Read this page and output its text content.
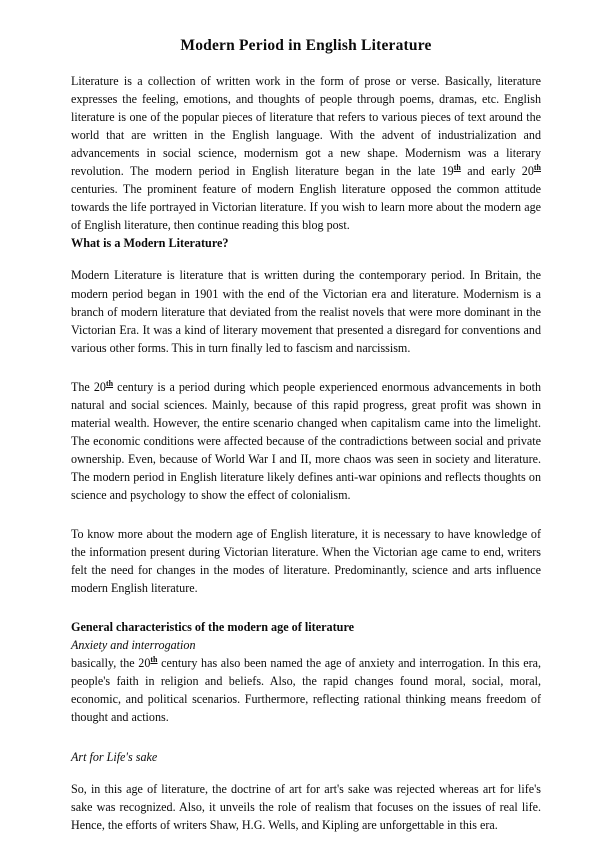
Modern Period in English Literature

Literature is a collection of written work in the form of prose or verse. Basically, literature expresses the feeling, emotions, and thoughts of people through poems, dramas, etc. English literature is one of the popular pieces of literature that refers to various pieces of text around the world that are written in the English language. With the advent of industrialization and advancements in social science, modernism got a new shape. Modernism was a literary revolution. The modern period in English literature began in the late 19th and early 20th centuries. The prominent feature of modern English literature opposed the common attitude towards the life portrayed in Victorian literature. If you wish to learn more about the modern age of English literature, then continue reading this blog post.

What is a Modern Literature?

Modern Literature is literature that is written during the contemporary period. In Britain, the modern period began in 1901 with the end of the Victorian era and literature. Modernism is a branch of modern literature that deviated from the realist novels that were more dominant in the Victorian Era. It was a kind of literary movement that presented a disregard for conventions and various other forms. This in turn finally led to fascism and narcissism.

The 20th century is a period during which people experienced enormous advancements in both natural and social sciences. Mainly, because of this rapid progress, great profit was shown in material wealth. However, the entire scenario changed when capitalism came into the limelight. The economic conditions were affected because of the contradictions between social and private ownership. Even, because of World War I and II, more chaos was seen in society and literature. The modern period in English literature likely defines anti-war opinions and reflects thoughts on science and psychology to show the effect of colonialism.

To know more about the modern age of English literature, it is necessary to have knowledge of the information present during Victorian literature. When the Victorian age came to end, writers felt the need for changes in the modes of literature. Predominantly, science and arts influence modern English literature.

General characteristics of the modern age of literature

Anxiety and interrogation

basically, the 20th century has also been named the age of anxiety and interrogation. In this era, people's faith in religion and beliefs. Also, the rapid changes found moral, social, moral, economic, and political scenarios. Furthermore, reflecting rational thinking means freedom of thought and actions.

Art for Life's sake

So, in this age of literature, the doctrine of art for art's sake was rejected whereas art for life's sake was recognized. Also, it unveils the role of realism that focuses on the issues of real life. Hence, the efforts of writers Shaw, H.G. Wells, and Kipling are unforgettable in this era.
